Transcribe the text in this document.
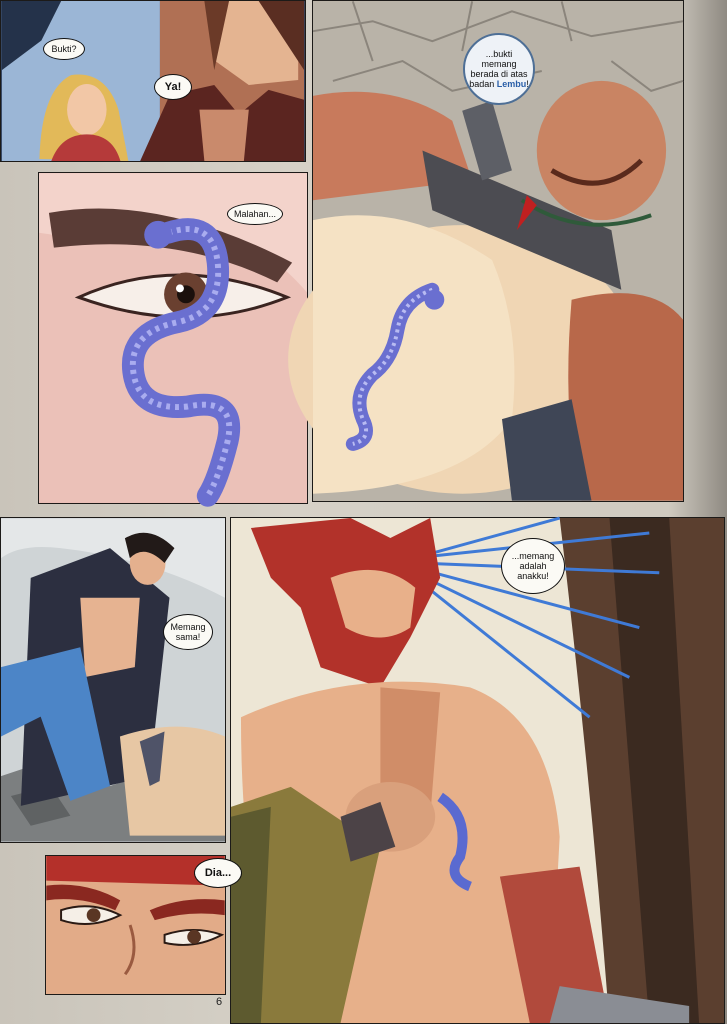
Bukti?
Ya!
Malahan...
...bukti memang berada di atas badan Lembu!
Memang sama!
...memang adalah anakku!
Dia...
6
